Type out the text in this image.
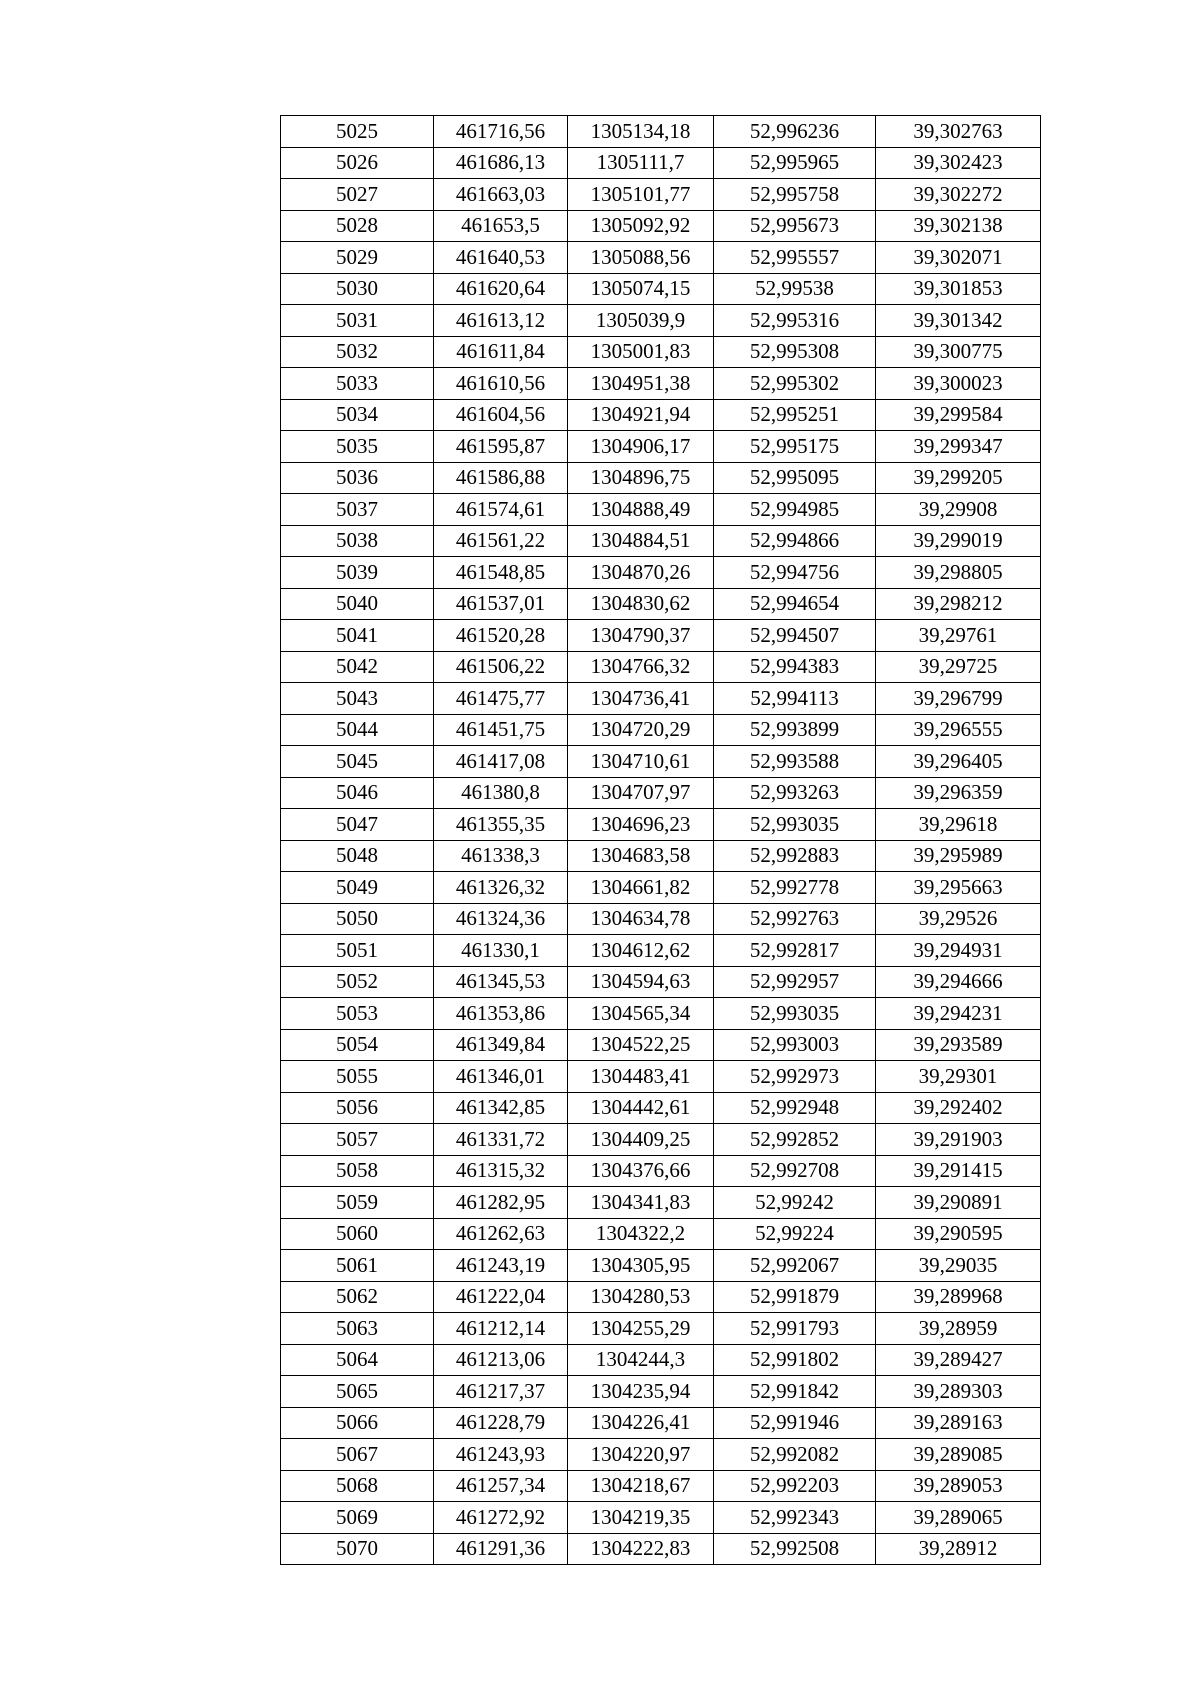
5025	461716,56	1305134,18	52,996236	39,302763
5026	461686,13	1305111,7	52,995965	39,302423
5027	461663,03	1305101,77	52,995758	39,302272
5028	461653,5	1305092,92	52,995673	39,302138
5029	461640,53	1305088,56	52,995557	39,302071
5030	461620,64	1305074,15	52,99538	39,301853
5031	461613,12	1305039,9	52,995316	39,301342
5032	461611,84	1305001,83	52,995308	39,300775
5033	461610,56	1304951,38	52,995302	39,300023
5034	461604,56	1304921,94	52,995251	39,299584
5035	461595,87	1304906,17	52,995175	39,299347
5036	461586,88	1304896,75	52,995095	39,299205
5037	461574,61	1304888,49	52,994985	39,29908
5038	461561,22	1304884,51	52,994866	39,299019
5039	461548,85	1304870,26	52,994756	39,298805
5040	461537,01	1304830,62	52,994654	39,298212
5041	461520,28	1304790,37	52,994507	39,29761
5042	461506,22	1304766,32	52,994383	39,29725
5043	461475,77	1304736,41	52,994113	39,296799
5044	461451,75	1304720,29	52,993899	39,296555
5045	461417,08	1304710,61	52,993588	39,296405
5046	461380,8	1304707,97	52,993263	39,296359
5047	461355,35	1304696,23	52,993035	39,29618
5048	461338,3	1304683,58	52,992883	39,295989
5049	461326,32	1304661,82	52,992778	39,295663
5050	461324,36	1304634,78	52,992763	39,29526
5051	461330,1	1304612,62	52,992817	39,294931
5052	461345,53	1304594,63	52,992957	39,294666
5053	461353,86	1304565,34	52,993035	39,294231
5054	461349,84	1304522,25	52,993003	39,293589
5055	461346,01	1304483,41	52,992973	39,29301
5056	461342,85	1304442,61	52,992948	39,292402
5057	461331,72	1304409,25	52,992852	39,291903
5058	461315,32	1304376,66	52,992708	39,291415
5059	461282,95	1304341,83	52,99242	39,290891
5060	461262,63	1304322,2	52,99224	39,290595
5061	461243,19	1304305,95	52,992067	39,29035
5062	461222,04	1304280,53	52,991879	39,289968
5063	461212,14	1304255,29	52,991793	39,28959
5064	461213,06	1304244,3	52,991802	39,289427
5065	461217,37	1304235,94	52,991842	39,289303
5066	461228,79	1304226,41	52,991946	39,289163
5067	461243,93	1304220,97	52,992082	39,289085
5068	461257,34	1304218,67	52,992203	39,289053
5069	461272,92	1304219,35	52,992343	39,289065
5070	461291,36	1304222,83	52,992508	39,28912
